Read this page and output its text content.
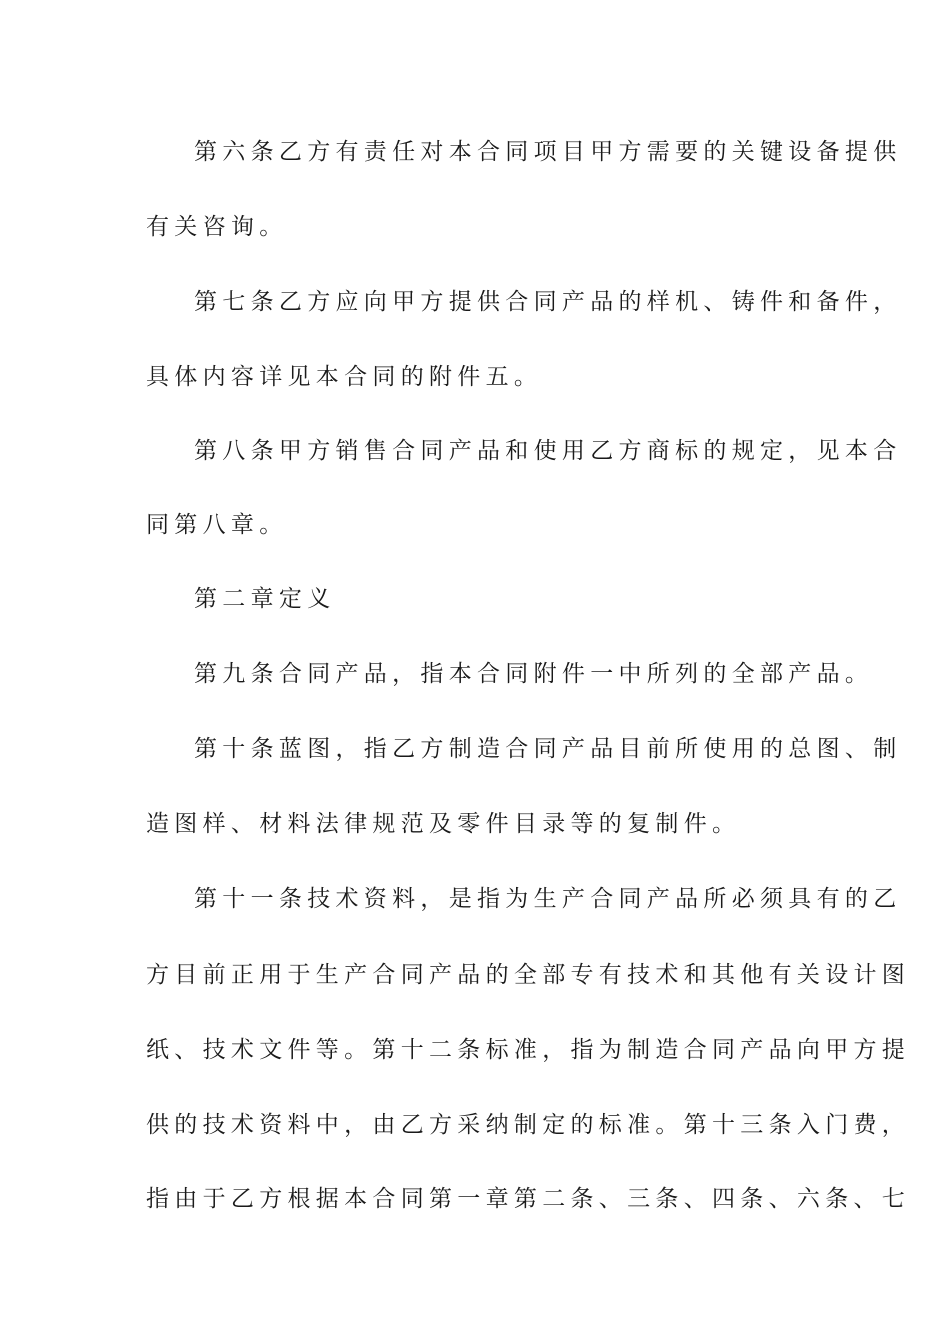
第六条乙方有责任对本合同项目甲方需要的关键设备提供
有关咨询。
第七条乙方应向甲方提供合同产品的样机、铸件和备件，
具体内容详见本合同的附件五。
第八条甲方销售合同产品和使用乙方商标的规定，见本合
同第八章。
第二章定义
第九条合同产品，指本合同附件一中所列的全部产品。
第十条蓝图，指乙方制造合同产品目前所使用的总图、制
造图样、材料法律规范及零件目录等的复制件。
第十一条技术资料，是指为生产合同产品所必须具有的乙
方目前正用于生产合同产品的全部专有技术和其他有关设计图
纸、技术文件等。第十二条标准，指为制造合同产品向甲方提
供的技术资料中，由乙方采纳制定的标准。第十三条入门费，
指由于乙方根据本合同第一章第二条、三条、四条、六条、七
